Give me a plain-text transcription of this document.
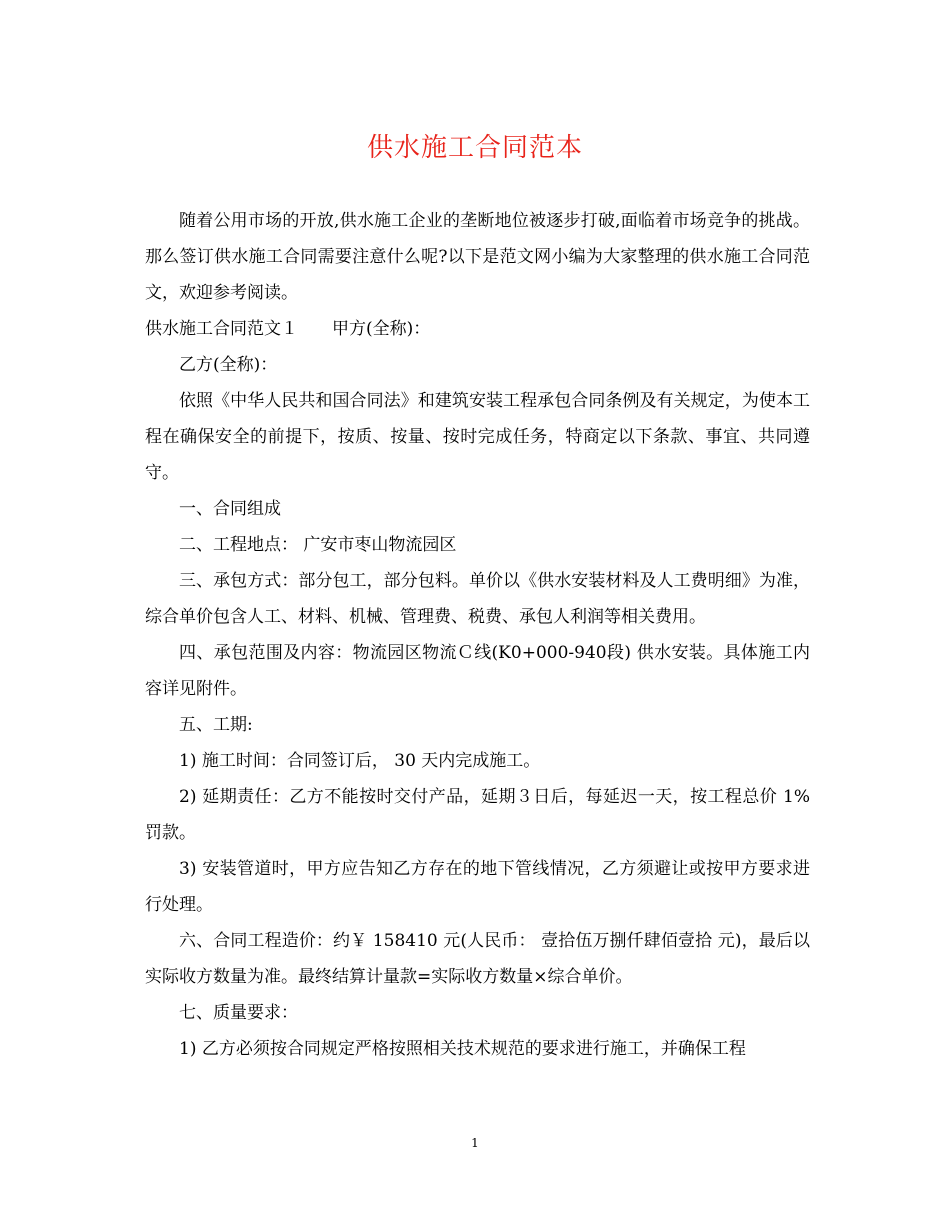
供水施工合同范本

随着公用市场的开放,供水施工企业的垄断地位被逐步打破,面临着市场竞争的挑战。那么签订供水施工合同需要注意什么呢?以下是范文网小编为大家整理的供水施工合同范文，欢迎参考阅读。

供水施工合同范文１　　甲方(全称)：

乙方(全称)：

依照《中华人民共和国合同法》和建筑安装工程承包合同条例及有关规定，为使本工程在确保安全的前提下，按质、按量、按时完成任务，特商定以下条款、事宜、共同遵守。

一、合同组成

二、工程地点： 广安市枣山物流园区

三、承包方式：部分包工，部分包料。单价以《供水安装材料及人工费明细》为准，综合单价包含人工、材料、机械、管理费、税费、承包人利润等相关费用。

四、承包范围及内容：物流园区物流Ｃ线(K0+000-940段) 供水安装。具体施工内容详见附件。

五、工期:

1) 施工时间：合同签订后， 30 天内完成施工。

2) 延期责任：乙方不能按时交付产品，延期３日后，每延迟一天，按工程总价 1%罚款。

3) 安装管道时，甲方应告知乙方存在的地下管线情况，乙方须避让或按甲方要求进行处理。

六、合同工程造价：约￥ 158410 元(人民币： 壹拾伍万捌仟肆佰壹拾 元)，最后以实际收方数量为准。最终结算计量款=实际收方数量×综合单价。

七、质量要求：

1) 乙方必须按合同规定严格按照相关技术规范的要求进行施工，并确保工程

1
